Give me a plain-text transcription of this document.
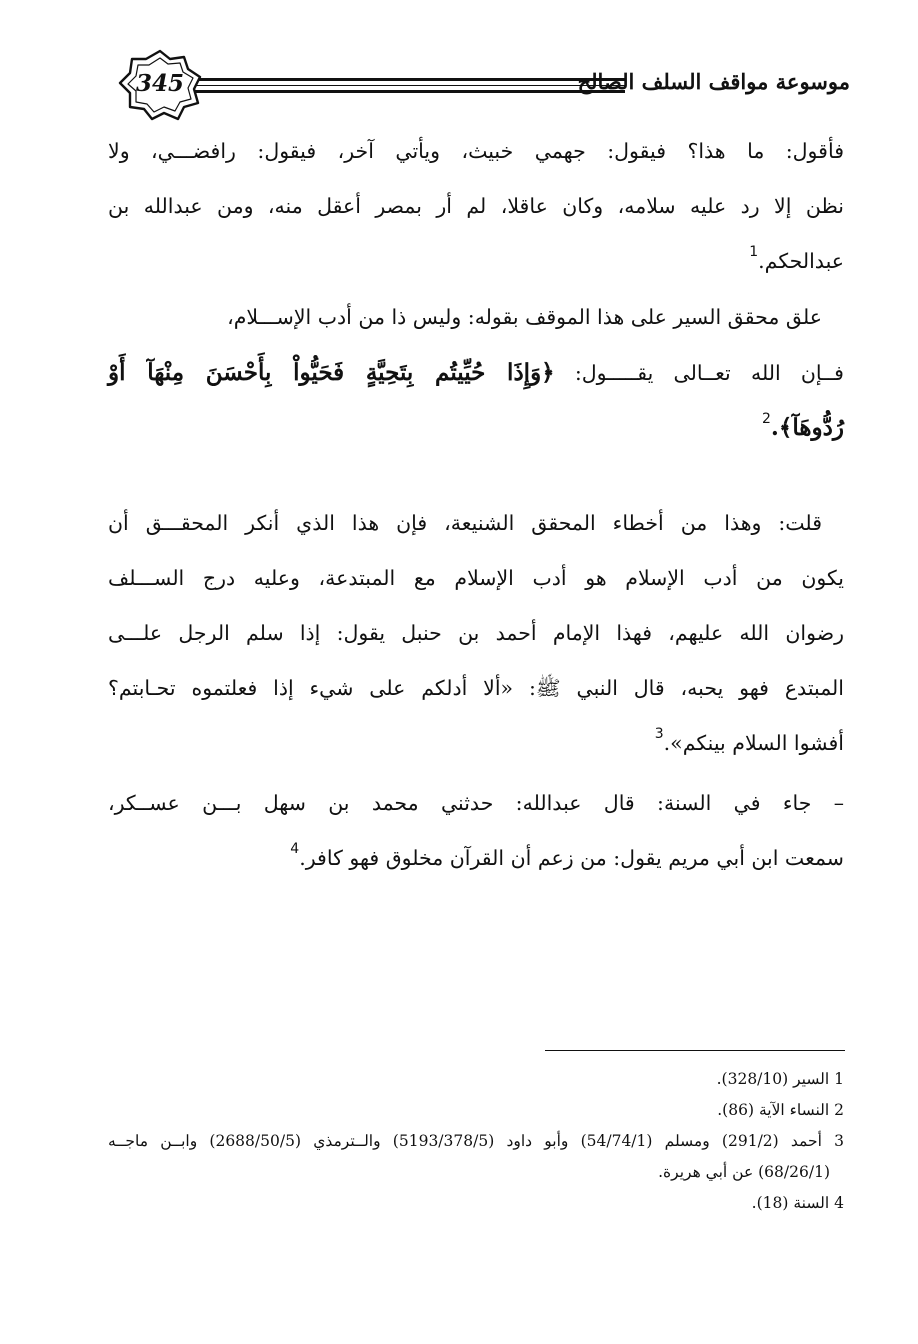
345	موسوعة مواقف السلف الصالح
فأقول: ما هذا؟ فيقول: جهمي خبيث، ويأتي آخر، فيقول: رافضـــي، ولا
نظن إلا رد عليه سلامه، وكان عاقلا، لم أر بمصر أعقل منه، ومن عبدالله بن
عبدالحكم.$^1$
علق محقق السير على هذا الموقف بقوله: وليس ذا من أدب الإســـلام،
فــإن الله تعــالى يقـــــول: ﴿وَإِذَا حُيِّيتُم بِتَحِيَّةٍ فَحَيُّواْ بِأَحْسَنَ مِنْهَآ أَوْ
رُدُّوهَآ﴾.$^2$
قلت: وهذا من أخطاء المحقق الشنيعة، فإن هذا الذي أنكر المحقـــق أن
يكون من أدب الإسلام هو أدب الإسلام مع المبتدعة، وعليه درج الســـلف
رضوان الله عليهم، فهذا الإمام أحمد بن حنبل يقول: إذا سلم الرجل علـــى
المبتدع فهو يحبه، قال النبي ﷺ: «ألا أدلكم على شيء إذا فعلتموه تحـابتم؟
أفشوا السلام بينكم».$^3$
– جاء في السنة: قال عبدالله: حدثني محمد بن سهل بـــن عســكر،
سمعت ابن أبي مريم يقول: من زعم أن القرآن مخلوق فهو كافر.$^4$
1 السير (328/10).
2 النساء الآية (86).
3 أحمد (291/2) ومسلم (54/74/1) وأبو داود (5193/378/5) والــترمذي (2688/50/5) وابــن ماجــه
(68/26/1) عن أبي هريرة.
4 السنة (18).
